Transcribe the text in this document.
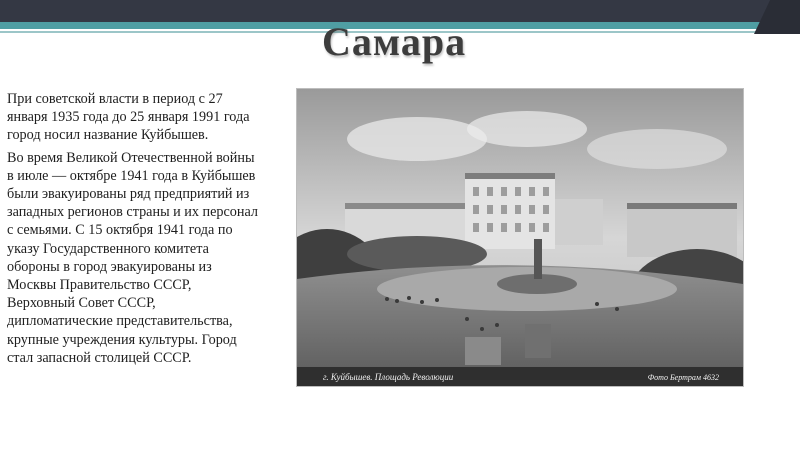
Самара

При советской власти в период с 27 января 1935 года до 25 января 1991 года город носил название Куйбышев.

Во время Великой Отечественной войны в июле — октябре 1941 года в Куйбышев были эвакуированы ряд предприятий из западных регионов страны и их персонал с семьями. С 15 октября 1941 года по указу Государственного комитета обороны в город эвакуированы из Москвы Правительство СССР, Верховный Совет СССР, дипломатические представительства, крупные учреждения культуры. Город стал запасной столицей СССР.

г. Куйбышев. Площадь Революции	Фото Бертрам 4632
